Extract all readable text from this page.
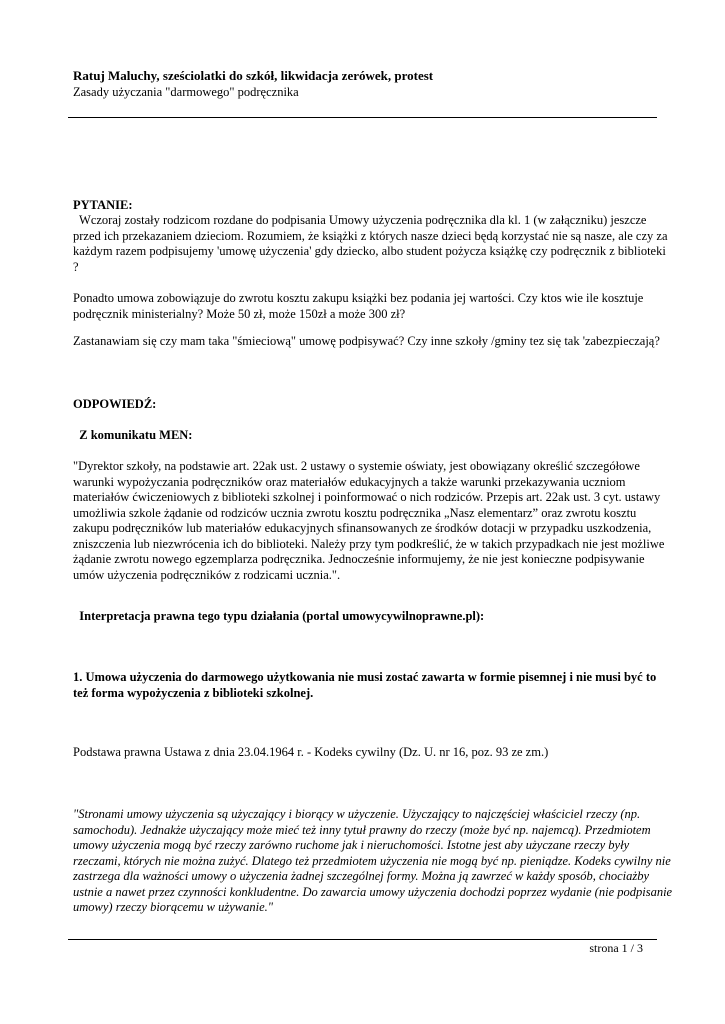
Ratuj Maluchy, sześciolatki do szkół, likwidacja zerówek, protest
Zasady użyczania "darmowego" podręcznika
PYTANIE:
Wczoraj zostały rodzicom rozdane do podpisania Umowy użyczenia podręcznika dla kl. 1 (w załączniku) jeszcze
przed ich przekazaniem dzieciom. Rozumiem, że książki z których nasze dzieci będą korzystać nie są nasze, ale czy za
każdym razem podpisujemy 'umowę użyczenia' gdy dziecko, albo student pożycza książkę czy podręcznik z biblioteki
?
Ponadto umowa zobowiązuje do zwrotu kosztu zakupu książki bez podania jej wartości. Czy ktos wie ile kosztuje
podręcznik ministerialny? Może 50 zł, może 150zł a może 300 zł?
Zastanawiam się czy mam taka "śmieciową" umowę podpisywać? Czy inne szkoły /gminy tez się tak 'zabezpieczają?
ODPOWIEDŹ:
Z komunikatu MEN:
"Dyrektor szkoły, na podstawie art. 22ak ust. 2 ustawy o systemie oświaty, jest obowiązany określić szczegółowe
warunki wypożyczania podręczników oraz materiałów edukacyjnych a także warunki przekazywania uczniom
materiałów ćwiczeniowych z biblioteki szkolnej i poinformować o nich rodziców. Przepis art. 22ak ust. 3 cyt. ustawy
umożliwia szkole żądanie od rodziców ucznia zwrotu kosztu podręcznika „Nasz elementarz” oraz zwrotu kosztu
zakupu podręczników lub materiałów edukacyjnych sfinansowanych ze środków dotacji w przypadku uszkodzenia,
zniszczenia lub niezwrócenia ich do biblioteki. Należy przy tym podkreślić, że w takich przypadkach nie jest możliwe
żądanie zwrotu nowego egzemplarza podręcznika. Jednocześnie informujemy, że nie jest konieczne podpisywanie
umów użyczenia podręczników z rodzicami ucznia.".
Interpretacja prawna tego typu działania (portal umowycywilnoprawne.pl):
1. Umowa użyczenia do darmowego użytkowania nie musi zostać zawarta w formie pisemnej i nie musi być to
też forma wypożyczenia z biblioteki szkolnej.
Podstawa prawna Ustawa z dnia 23.04.1964 r. - Kodeks cywilny (Dz. U. nr 16, poz. 93 ze zm.)
"Stronami umowy użyczenia są użyczający i biorący w użyczenie. Użyczający to najczęściej właściciel rzeczy (np.
samochodu). Jednakże użyczający może mieć też inny tytuł prawny do rzeczy (może być np. najemcą). Przedmiotem
umowy użyczenia mogą być rzeczy zarówno ruchome jak i nieruchomości. Istotne jest aby użyczane rzeczy były
rzeczami, których nie można zużyć. Dlatego też przedmiotem użyczenia nie mogą być np. pieniądze. Kodeks cywilny nie
zastrzega dla ważności umowy o użyczenia żadnej szczególnej formy. Można ją zawrzeć w każdy sposób, chociażby
ustnie a nawet przez czynności konkludentne. Do zawarcia umowy użyczenia dochodzi poprzez wydanie (nie podpisanie
umowy) rzeczy biorącemu w używanie."
strona 1 / 3
